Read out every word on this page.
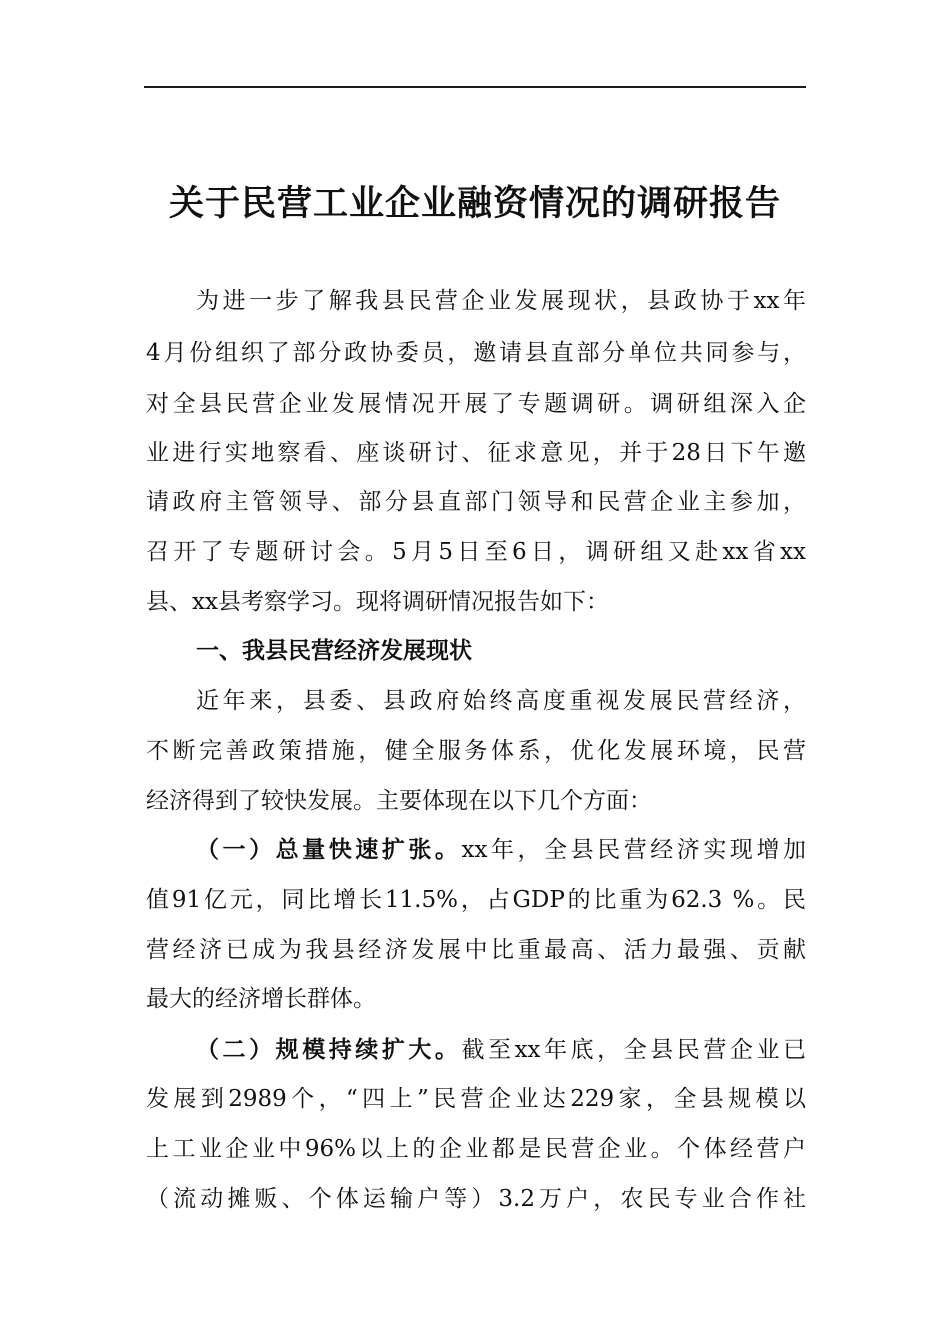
关于民营工业企业融资情况的调研报告
为进一步了解我县民营企业发展现状，县政协于xx年
4月份组织了部分政协委员，邀请县直部分单位共同参与，
对全县民营企业发展情况开展了专题调研。调研组深入企
业进行实地察看、座谈研讨、征求意见，并于28日下午邀
请政府主管领导、部分县直部门领导和民营企业主参加，
召开了专题研讨会。5月5日至6日，调研组又赴xx省xx
县、xx县考察学习。现将调研情况报告如下：
一、我县民营经济发展现状
近年来，县委、县政府始终高度重视发展民营经济，
不断完善政策措施，健全服务体系，优化发展环境，民营
经济得到了较快发展。主要体现在以下几个方面：
（一）总量快速扩张。xx年，全县民营经济实现增加
值91亿元，同比增长11.5%，占GDP的比重为62.3 %。民
营经济已成为我县经济发展中比重最高、活力最强、贡献
最大的经济增长群体。
（二）规模持续扩大。截至xx年底，全县民营企业已
发展到2989个，“四上”民营企业达229家，全县规模以
上工业企业中96%以上的企业都是民营企业。个体经营户
（流动摊贩、个体运输户等）3.2万户，农民专业合作社
